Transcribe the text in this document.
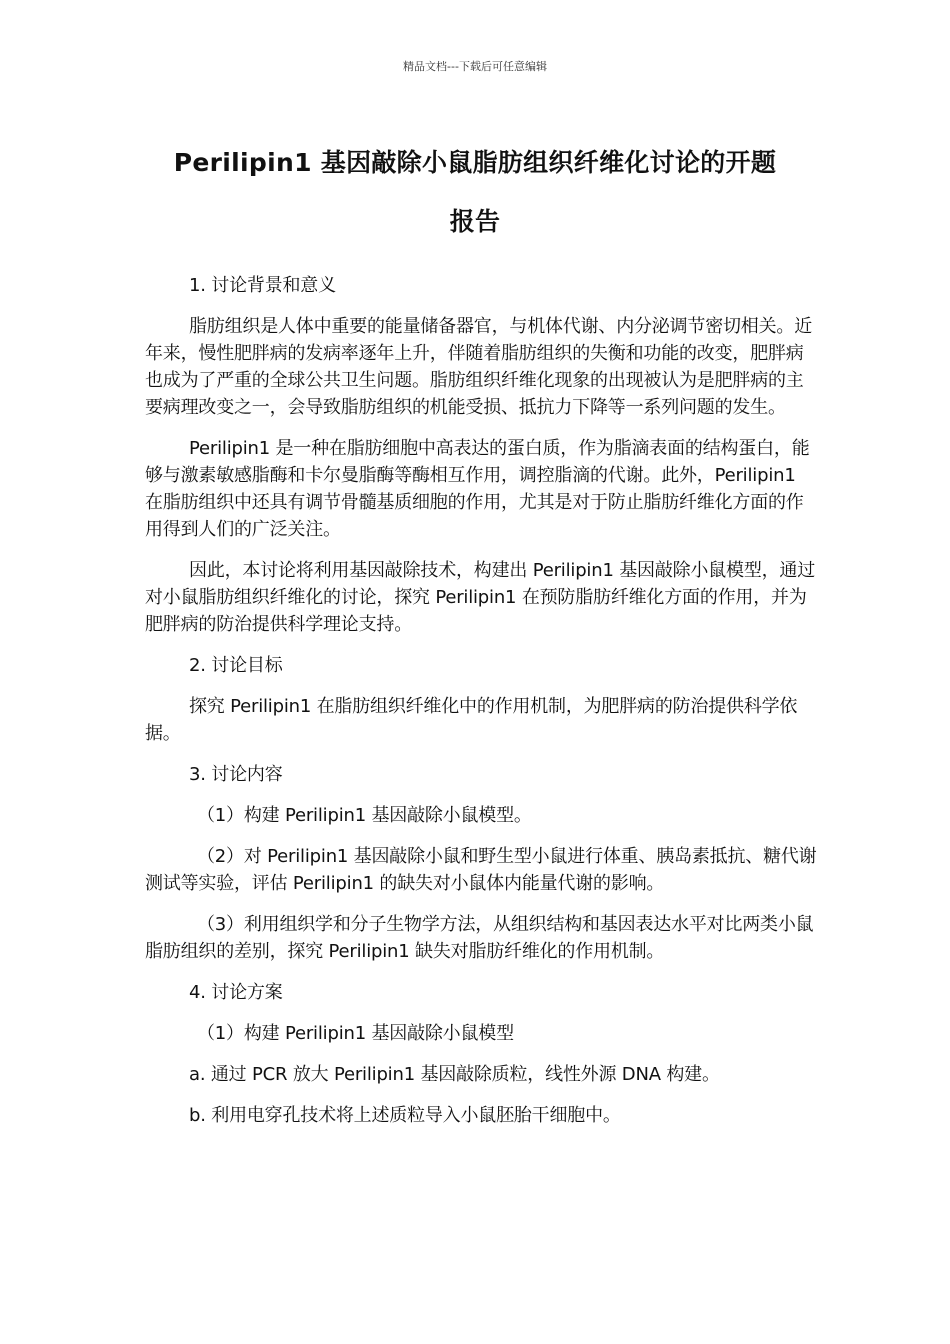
精品文档---下载后可任意编辑
Perilipin1 基因敲除小鼠脂肪组织纤维化讨论的开题
报告

1. 讨论背景和意义

脂肪组织是人体中重要的能量储备器官，与机体代谢、内分泌调节密切相关。近年来，慢性肥胖病的发病率逐年上升，伴随着脂肪组织的失衡和功能的改变，肥胖病也成为了严重的全球公共卫生问题。脂肪组织纤维化现象的出现被认为是肥胖病的主要病理改变之一，会导致脂肪组织的机能受损、抵抗力下降等一系列问题的发生。

Perilipin1 是一种在脂肪细胞中高表达的蛋白质，作为脂滴表面的结构蛋白，能够与激素敏感脂酶和卡尔曼脂酶等酶相互作用，调控脂滴的代谢。此外，Perilipin1 在脂肪组织中还具有调节骨髓基质细胞的作用，尤其是对于防止脂肪纤维化方面的作用得到人们的广泛关注。

因此，本讨论将利用基因敲除技术，构建出 Perilipin1 基因敲除小鼠模型，通过对小鼠脂肪组织纤维化的讨论，探究 Perilipin1 在预防脂肪纤维化方面的作用，并为肥胖病的防治提供科学理论支持。

2. 讨论目标

探究 Perilipin1 在脂肪组织纤维化中的作用机制，为肥胖病的防治提供科学依据。

3. 讨论内容

（1）构建 Perilipin1 基因敲除小鼠模型。

（2）对 Perilipin1 基因敲除小鼠和野生型小鼠进行体重、胰岛素抵抗、糖代谢测试等实验，评估 Perilipin1 的缺失对小鼠体内能量代谢的影响。

（3）利用组织学和分子生物学方法，从组织结构和基因表达水平对比两类小鼠脂肪组织的差别，探究 Perilipin1 缺失对脂肪纤维化的作用机制。

4. 讨论方案

（1）构建 Perilipin1 基因敲除小鼠模型

a. 通过 PCR 放大 Perilipin1 基因敲除质粒，线性外源 DNA 构建。

b. 利用电穿孔技术将上述质粒导入小鼠胚胎干细胞中。
